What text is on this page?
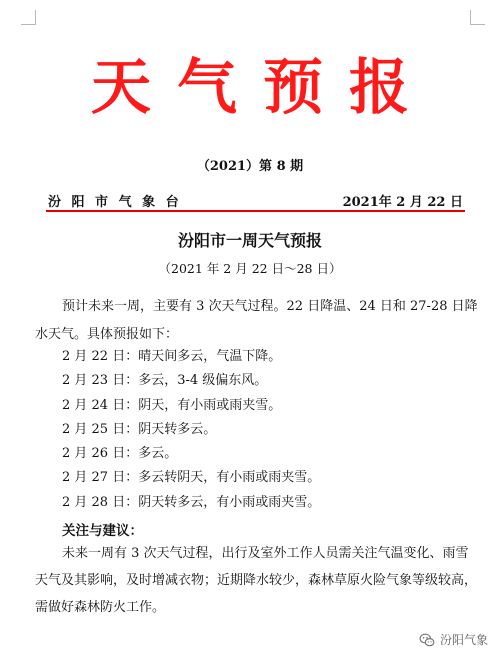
天气预报
（2021）第 8 期
汾 阳 市 气 象 台	2021年 2 月 22 日
汾阳市一周天气预报
（2021 年 2 月 22 日～28 日）

预计未来一周，主要有 3 次天气过程。22 日降温、24 日和 27-28 日降
水天气。具体预报如下：

2 月 22 日：晴天间多云，气温下降。
2 月 23 日：多云，3-4 级偏东风。
2 月 24 日：阴天，有小雨或雨夹雪。
2 月 25 日：阴天转多云。
2 月 26 日：多云。
2 月 27 日：多云转阴天，有小雨或雨夹雪。
2 月 28 日：阴天转多云，有小雨或雨夹雪。
关注与建议：

未来一周有 3 次天气过程，出行及室外工作人员需关注气温变化、雨雪
天气及其影响，及时增减衣物；近期降水较少，森林草原火险气象等级较高，
需做好森林防火工作。

汾阳气象
